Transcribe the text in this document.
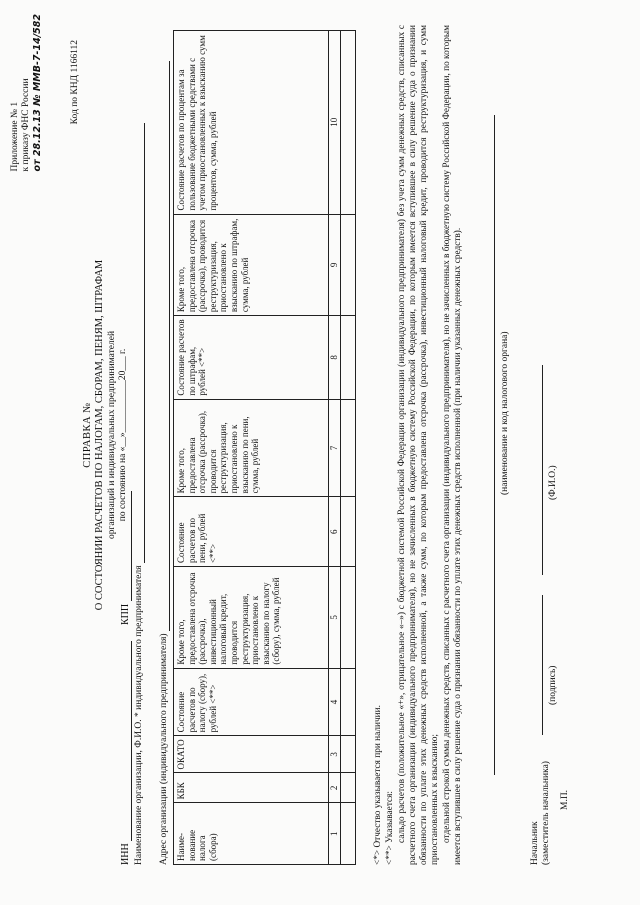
Приложение № 1 к приказу ФНС России от 28.12.13 № ММВ-7-14/582	Код по КНД 1166112
СПРАВКА № О СОСТОЯНИИ РАСЧЕТОВ ПО НАЛОГАМ, СБОРАМ, ПЕНЯМ, ШТРАФАМ организаций и индивидуальных предпринимателей по состоянию на «__»___________20___ г.
ИНН
КПП Наименование организации, Ф.И.О. * индивидуального предпринимателя Адрес организации (индивидуального предпринимателя) Наиме-нование налога (сбора)	КБК	ОКАТО	Состояние расчетов по налогу (сбору), рублей <**>	Кроме того, предоставлена отсрочка (рассрочка), инвестиционный налоговый кредит, проводится реструктуризация, приостановлено к взысканию по налогу (сбору), сумма, рублей	Состояние расчетов по пени, рублей <**>	Кроме того, предоставлена отсрочка (рассрочка), проводится реструктуризация, приостановлено к взысканию по пени, сумма, рублей	Состояние расчетов по штрафам, рублей <**>	Кроме того, предоставлена отсрочка (рассрочка), проводится реструктуризация, приостановлено к взысканию по штрафам, сумма, рублей	Состояние расчетов по процентам за пользование бюджетными средствами с учетом приостановленных к взысканию сумм процентов, сумма, рублей
1	2	3	4	5	6	7	8	9	10

<*> Отчество указывается при наличии. <**> Указывается: сальдо расчетов (положительное «+», отрицательное «–») с бюджетной системой Российской Федерации организации (индивидуального предпринимателя) без учета сумм денежных средств, списанных с расчетного счета организации (индивидуального предпринимателя), но не зачисленных в бюджетную систему Российской Федерации, по которым имеется вступившее в силу решение суда о признании обязанности по уплате этих денежных средств исполненной, а также сумм, по которым предоставлена отсрочка (рассрочка), инвестиционный налоговый кредит, проводится реструктуризация, и сумм приостановленных к взысканию; отдельной строкой суммы денежных средств, списанных с расчетного счета организации (индивидуального предпринимателя), но не зачисленных в бюджетную систему Российской Федерации, по которым имеется вступившее в силу решение суда о признании обязанности по уплате этих денежных средств исполненной (при наличии указанных денежных средств).	(наименование и код налогового органа)
Начальник (заместитель начальника)
(подпись)
(Ф.И.О.)
М.П.
